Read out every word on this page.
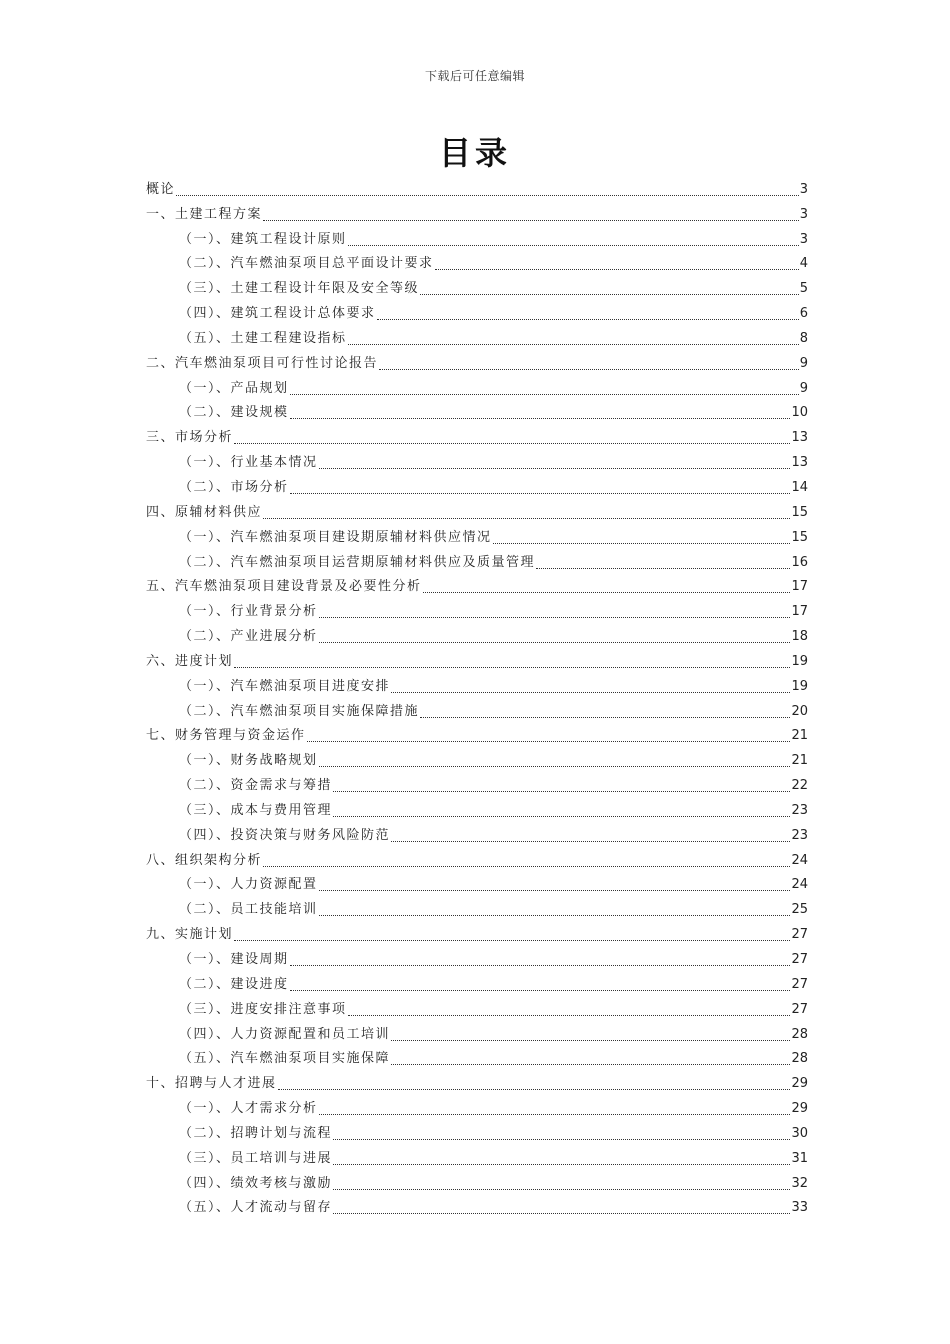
下载后可任意编辑
目录
概论	3
一、土建工程方案	3
（一）、建筑工程设计原则	3
（二）、汽车燃油泵项目总平面设计要求	4
（三）、土建工程设计年限及安全等级	5
（四）、建筑工程设计总体要求	6
（五）、土建工程建设指标	8
二、汽车燃油泵项目可行性讨论报告	9
（一）、产品规划	9
（二）、建设规模	10
三、市场分析	13
（一）、行业基本情况	13
（二）、市场分析	14
四、原辅材料供应	15
（一）、汽车燃油泵项目建设期原辅材料供应情况	15
（二）、汽车燃油泵项目运营期原辅材料供应及质量管理	16
五、汽车燃油泵项目建设背景及必要性分析	17
（一）、行业背景分析	17
（二）、产业进展分析	18
六、进度计划	19
（一）、汽车燃油泵项目进度安排	19
（二）、汽车燃油泵项目实施保障措施	20
七、财务管理与资金运作	21
（一）、财务战略规划	21
（二）、资金需求与筹措	22
（三）、成本与费用管理	23
（四）、投资决策与财务风险防范	23
八、组织架构分析	24
（一）、人力资源配置	24
（二）、员工技能培训	25
九、实施计划	27
（一）、建设周期	27
（二）、建设进度	27
（三）、进度安排注意事项	27
（四）、人力资源配置和员工培训	28
（五）、汽车燃油泵项目实施保障	28
十、招聘与人才进展	29
（一）、人才需求分析	29
（二）、招聘计划与流程	30
（三）、员工培训与进展	31
（四）、绩效考核与激励	32
（五）、人才流动与留存	33
